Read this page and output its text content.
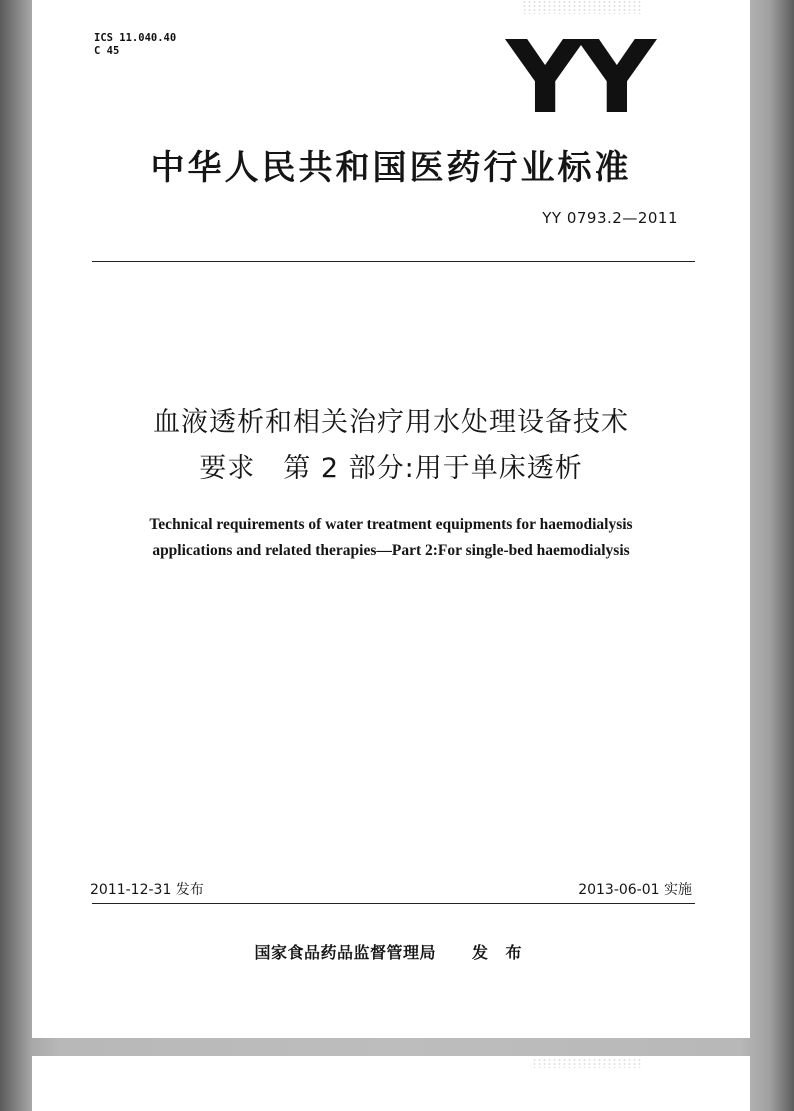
ICS 11.040.40
C 45	YY
中华人民共和国医药行业标准
YY 0793.2—2011
血液透析和相关治疗用水处理设备技术
要求　第 2 部分:用于单床透析
Technical requirements of water treatment equipments for haemodialysis
applications and related therapies—Part 2:For single-bed haemodialysis
2011-12-31 发布	2013-06-01 实施
国家食品药品监督管理局 发 布
